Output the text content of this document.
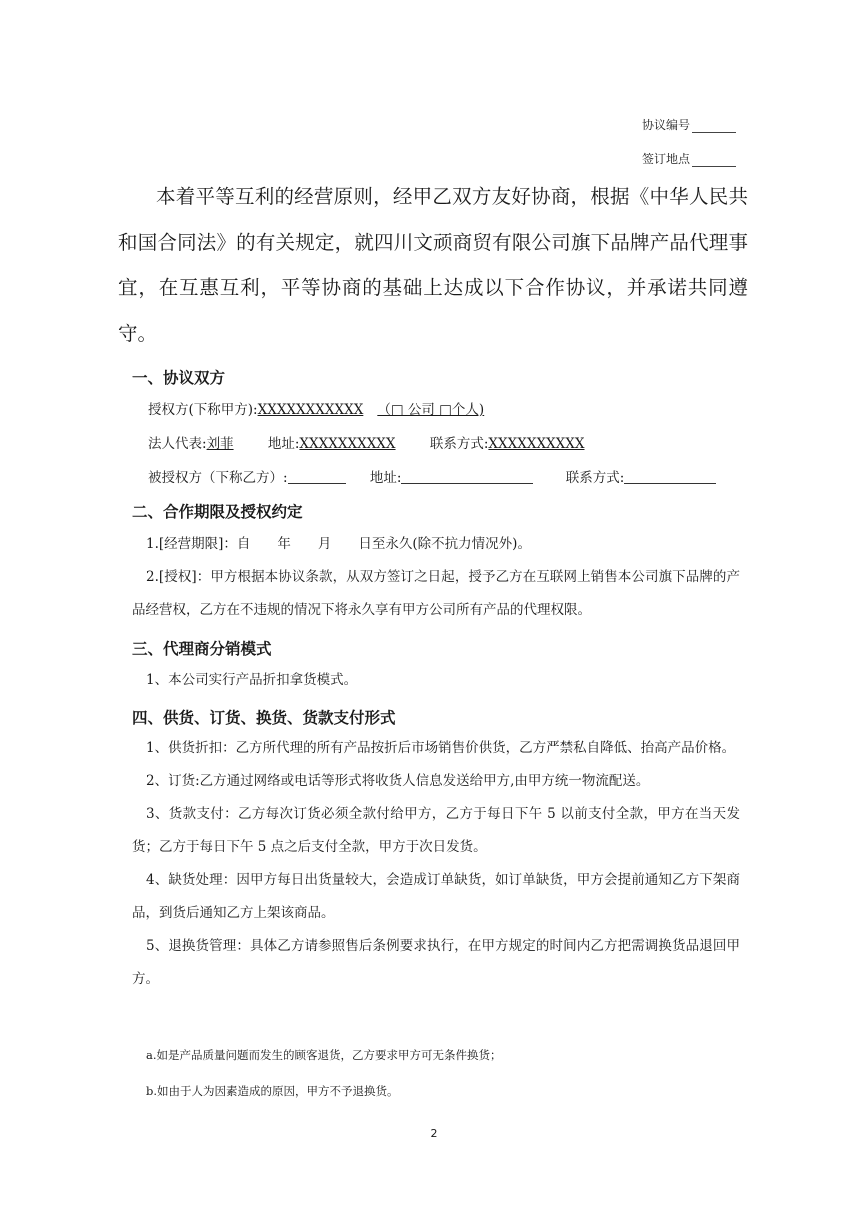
协议编号
签订地点

本着平等互利的经营原则，经甲乙双方友好协商，根据《中华人民共和国合同法》的有关规定，就四川文顽商贸有限公司旗下品牌产品代理事宜，在互惠互利，平等协商的基础上达成以下合作协议，并承诺共同遵守。

一、协议双方
授权方(下称甲方):XXXXXXXXXXX （□ 公司 □个人)
法人代表:刘菲	地址:XXXXXXXXXX	联系方式:XXXXXXXXXX
被授权方（下称乙方）:	地址:	联系方式:
二、合作期限及授权约定

1.[经营期限]：自　　年　　月　　日至永久(除不抗力情况外)。

2.[授权]：甲方根据本协议条款，从双方签订之日起，授予乙方在互联网上销售本公司旗下品牌的产品经营权，乙方在不违规的情况下将永久享有甲方公司所有产品的代理权限。

三、代理商分销模式

1、本公司实行产品折扣拿货模式。

四、供货、订货、换货、货款支付形式

1、供货折扣：乙方所代理的所有产品按折后市场销售价供货，乙方严禁私自降低、抬高产品价格。

2、订货:乙方通过网络或电话等形式将收货人信息发送给甲方,由甲方统一物流配送。

3、货款支付：乙方每次订货必须全款付给甲方，乙方于每日下午 5 以前支付全款，甲方在当天发货；乙方于每日下午 5 点之后支付全款，甲方于次日发货。

4、缺货处理：因甲方每日出货量较大，会造成订单缺货，如订单缺货，甲方会提前通知乙方下架商品，到货后通知乙方上架该商品。

5、退换货管理：具体乙方请参照售后条例要求执行，在甲方规定的时间内乙方把需调换货品退回甲方。

a.如是产品质量问题而发生的顾客退货，乙方要求甲方可无条件换货；
b.如由于人为因素造成的原因，甲方不予退换货。
2
